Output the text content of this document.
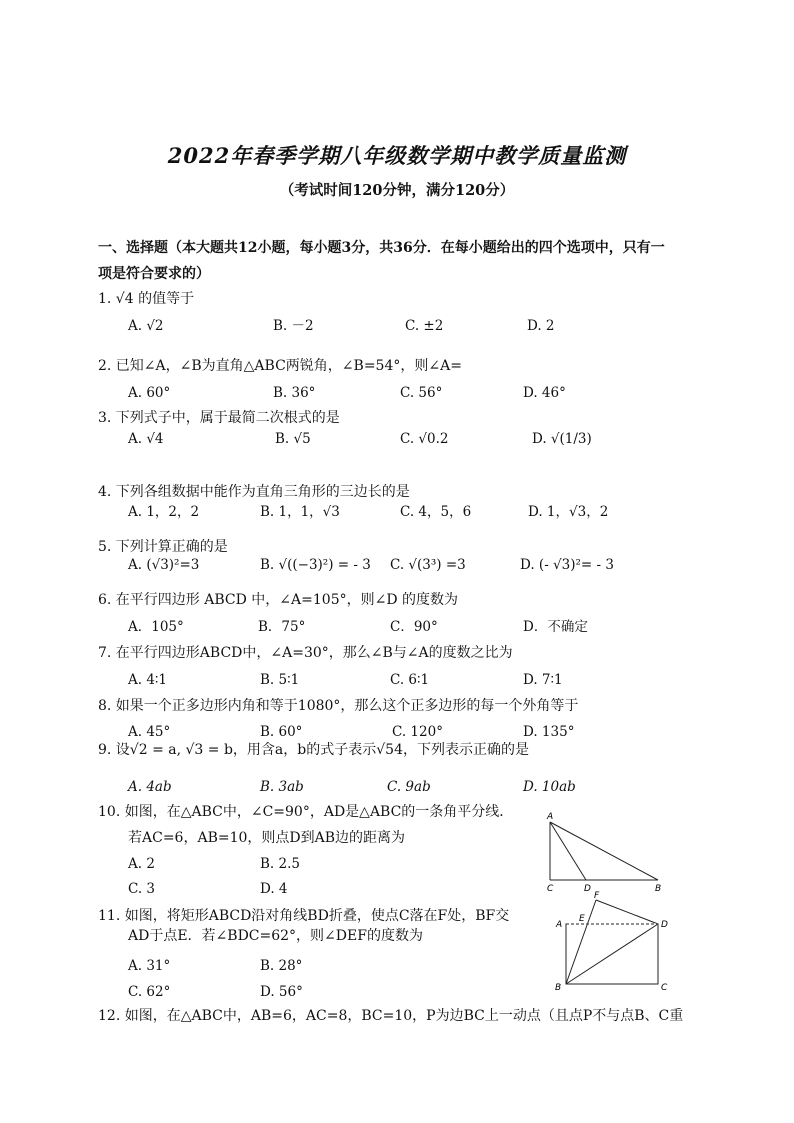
2022年春季学期八年级数学期中教学质量监测
（考试时间120分钟，满分120分）
一、选择题（本大题共12小题，每小题3分，共36分．在每小题给出的四个选项中，只有一
项是符合要求的）
1. √4 的值等于
A. √2	B. －2	C. ±2	D. 2
2. 已知∠A，∠B为直角△ABC两锐角，∠B=54°，则∠A=
A. 60°	B. 36°	C. 56°	D. 46°
3. 下列式子中，属于最简二次根式的是
A. √4	B. √5	C. √0.2	D. √(1/3)
4. 下列各组数据中能作为直角三角形的三边长的是
A. 1，2，2	B. 1，1，√3	C. 4，5，6	D. 1，√3，2
5. 下列计算正确的是
A. (√3)²=3	B. √((−3)²) = - 3 C. √(3³) =3	D. (- √3)²= - 3
6. 在平行四边形 ABCD 中，∠A=105°，则∠D 的度数为
A．105°	B．75°	C．90°	D．不确定
7. 在平行四边形ABCD中，∠A=30°，那么∠B与∠A的度数之比为
A. 4∶1	B. 5∶1	C. 6∶1	D. 7∶1
8. 如果一个正多边形内角和等于1080°，那么这个正多边形的每一个外角等于
A. 45°	B. 60°	C. 120°	D. 135°
9. 设√2 = a, √3 = b，用含a，b的式子表示√54，下列表示正确的是
A. 4ab	B. 3ab	C. 9ab	D. 10ab
10. 如图，在△ABC中，∠C=90°，AD是△ABC的一条角平分线．
若AC=6，AB=10，则点D到AB边的距离为
A. 2	B. 2.5
C. 3	D. 4
A
C	D	B
11. 如图，将矩形ABCD沿对角线BD折叠，使点C落在F处，BF交
AD于点E．若∠BDC=62°，则∠DEF的度数为
A. 31°	B. 28°
C. 62°	D. 56°
F
E
A	D
B	C
12. 如图，在△ABC中，AB=6，AC=8，BC=10，P为边BC上一动点（且点P不与点B、C重
